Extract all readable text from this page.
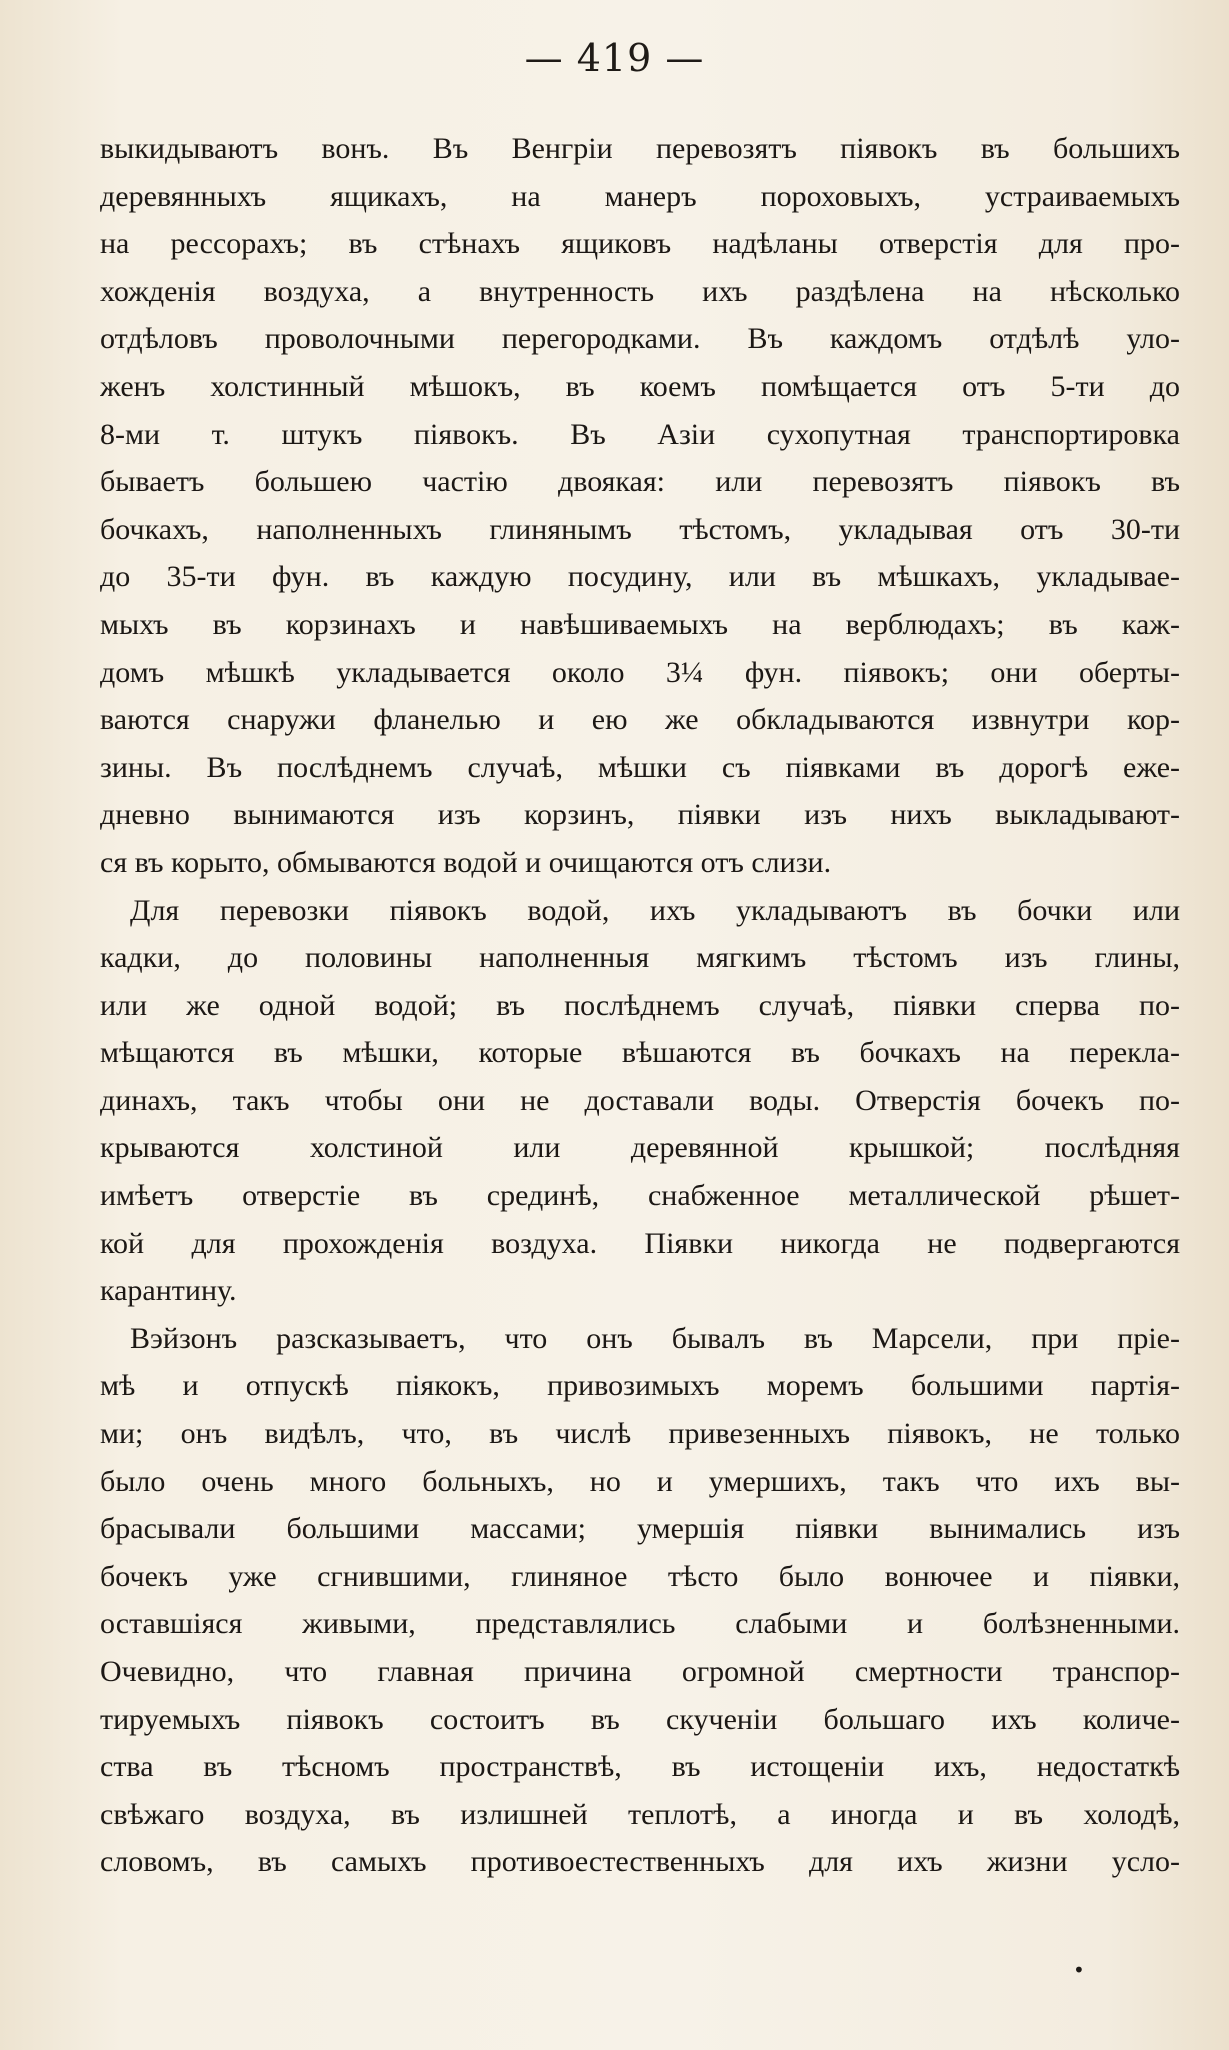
— 419 —
выкидываютъ вонъ. Въ Венгріи перевозятъ піявокъ въ большихъ
деревянныхъ ящикахъ, на манеръ пороховыхъ, устраиваемыхъ
на рессорахъ; въ стѣнахъ ящиковъ надѣланы отверстія для про-
хожденія воздуха, а внутренность ихъ раздѣлена на нѣсколько
отдѣловъ проволочными перегородками. Въ каждомъ отдѣлѣ уло-
женъ холстинный мѣшокъ, въ коемъ помѣщается отъ 5-ти до
8-ми т. штукъ піявокъ. Въ Азіи сухопутная транспортировка
бываетъ большею частію двоякая: или перевозятъ піявокъ въ
бочкахъ, наполненныхъ глинянымъ тѣстомъ, укладывая отъ 30-ти
до 35-ти фун. въ каждую посудину, или въ мѣшкахъ, укладывае-
мыхъ въ корзинахъ и навѣшиваемыхъ на верблюдахъ; въ каж-
домъ мѣшкѣ укладывается около 3¼ фун. піявокъ; они оберты-
ваются снаружи фланелью и ею же обкладываются извнутри кор-
зины. Въ послѣднемъ случаѣ, мѣшки съ піявками въ дорогѣ еже-
дневно вынимаются изъ корзинъ, піявки изъ нихъ выкладывают-
ся въ корыто, обмываются водой и очищаются отъ слизи.
Для перевозки піявокъ водой, ихъ укладываютъ въ бочки или
кадки, до половины наполненныя мягкимъ тѣстомъ изъ глины,
или же одной водой; въ послѣднемъ случаѣ, піявки сперва по-
мѣщаются въ мѣшки, которые вѣшаются въ бочкахъ на перекла-
динахъ, такъ чтобы они не доставали воды. Отверстія бочекъ по-
крываются холстиной или деревянной крышкой; послѣдняя
имѣетъ отверстіе въ срединѣ, снабженное металлической рѣшет-
кой для прохожденія воздуха. Піявки никогда не подвергаются
карантину.
Вэйзонъ разсказываетъ, что онъ бывалъ въ Марсели, при прiе-
мѣ и отпускѣ піякокъ, привозимыхъ моремъ большими партія-
ми; онъ видѣлъ, что, въ числѣ привезенныхъ піявокъ, не только
было очень много больныхъ, но и умершихъ, такъ что ихъ вы-
брасывали большими массами; умершія піявки вынимались изъ
бочекъ уже сгнившими, глиняное тѣсто было вонючее и піявки,
оставшіяся живыми, представлялись слабыми и болѣзненными.
Очевидно, что главная причина огромной смертности транспор-
тируемыхъ піявокъ состоитъ въ скученіи большаго ихъ количе-
ства въ тѣсномъ пространствѣ, въ истощеніи ихъ, недостаткѣ
свѣжаго воздуха, въ излишней теплотѣ, а иногда и въ холодѣ,
словомъ, въ самыхъ противоестественныхъ для ихъ жизни усло-
•
